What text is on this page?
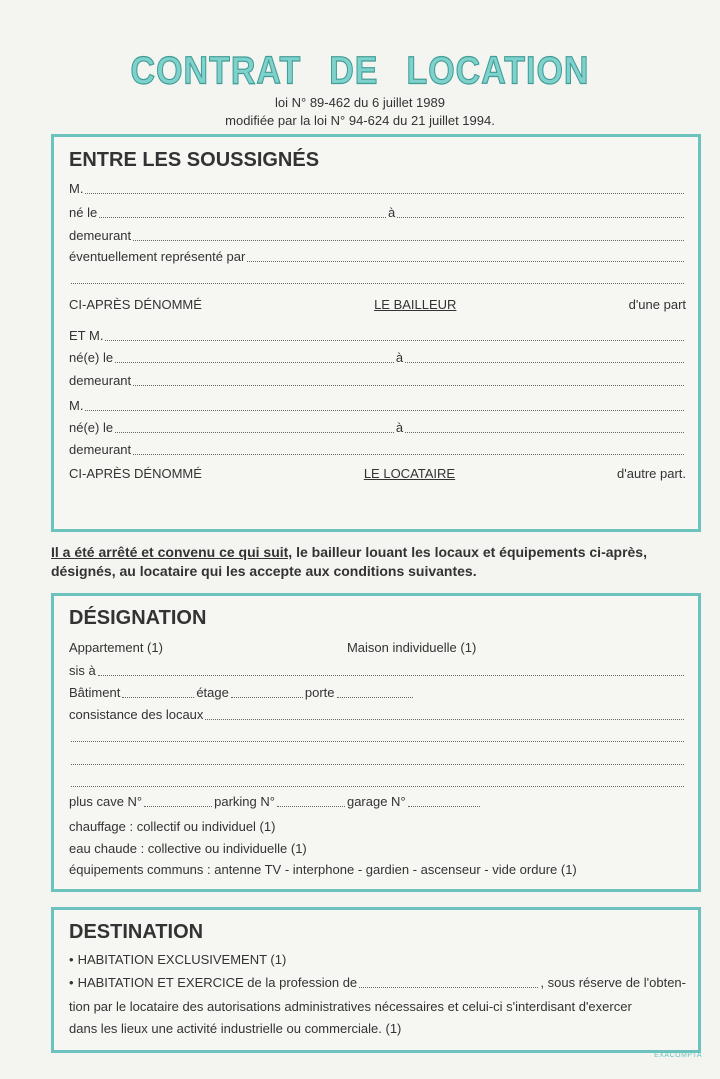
CONTRAT DE LOCATION
loi N° 89-462 du 6 juillet 1989
modifiée par la loi N° 94-624 du 21 juillet 1994.
ENTRE LES SOUSSIGNÉS
M.
né le	à
demeurant
éventuellement représenté par
CI-APRÈS DÉNOMMÉ	LE BAILLEUR	d'une part
ET M.
né(e) le	à
demeurant
M.
né(e) le	à
demeurant
CI-APRÈS DÉNOMMÉ	LE LOCATAIRE	d'autre part.
Il a été arrêté et convenu ce qui suit, le bailleur louant les locaux et équipements ci-après, désignés, au locataire qui les accepte aux conditions suivantes.
DÉSIGNATION
Appartement (1)	Maison individuelle (1)
sis à
Bâtiment	étage	porte
consistance des locaux
plus cave N°	parking N°	garage N°
chauffage : collectif ou individuel (1)
eau chaude : collective ou individuelle (1)
équipements communs : antenne TV - interphone - gardien - ascenseur - vide ordure (1)
DESTINATION
• HABITATION EXCLUSIVEMENT (1)
• HABITATION ET EXERCICE de la profession de	, sous réserve de l'obten-
tion par le locataire des autorisations administratives nécessaires et celui-ci s'interdisant d'exercer
dans les lieux une activité industrielle ou commerciale. (1)
EXACOMPTA
